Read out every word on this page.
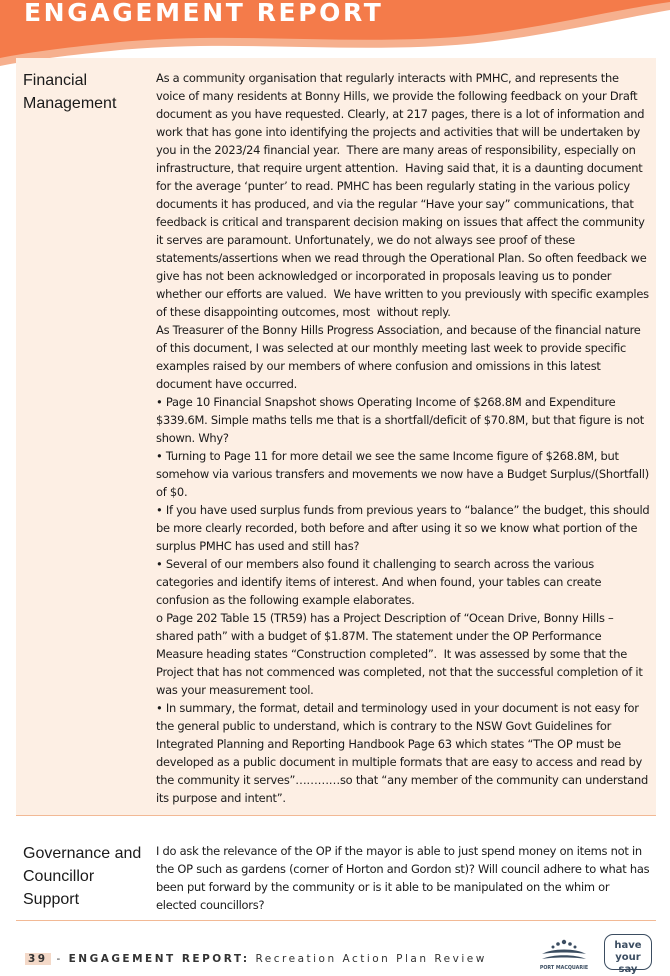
ENGAGEMENT REPORT
Financial Management

As a community organisation that regularly interacts with PMHC, and represents the voice of many residents at Bonny Hills, we provide the following feedback on your Draft document as you have requested. Clearly, at 217 pages, there is a lot of information and work that has gone into identifying the projects and activities that will be undertaken by you in the 2023/24 financial year.  There are many areas of responsibility, especially on infrastructure, that require urgent attention.  Having said that, it is a daunting document for the average ‘punter’ to read. PMHC has been regularly stating in the various policy documents it has produced, and via the regular “Have your say” communications, that feedback is critical and transparent decision making on issues that affect the community it serves are paramount. Unfortunately, we do not always see proof of these statements/assertions when we read through the Operational Plan. So often feedback we give has not been acknowledged or incorporated in proposals leaving us to ponder whether our efforts are valued.  We have written to you previously with specific examples of these disappointing outcomes, most  without reply.

As Treasurer of the Bonny Hills Progress Association, and because of the financial nature of this document, I was selected at our monthly meeting last week to provide specific examples raised by our members of where confusion and omissions in this latest document have occurred.

• Page 10 Financial Snapshot shows Operating Income of $268.8M and Expenditure $339.6M. Simple maths tells me that is a shortfall/deficit of $70.8M, but that figure is not shown. Why?

• Turning to Page 11 for more detail we see the same Income figure of $268.8M, but somehow via various transfers and movements we now have a Budget Surplus/(Shortfall) of $0.

• If you have used surplus funds from previous years to “balance” the budget, this should be more clearly recorded, both before and after using it so we know what portion of the surplus PMHC has used and still has?

• Several of our members also found it challenging to search across the various categories and identify items of interest. And when found, your tables can create confusion as the following example elaborates.

o Page 202 Table 15 (TR59) has a Project Description of “Ocean Drive, Bonny Hills – shared path” with a budget of $1.87M. The statement under the OP Performance Measure heading states “Construction completed”.  It was assessed by some that the Project that has not commenced was completed, not that the successful completion of it was your measurement tool.

• In summary, the format, detail and terminology used in your document is not easy for the general public to understand, which is contrary to the NSW Govt Guidelines for Integrated Planning and Reporting Handbook Page 63 which states “The OP must be developed as a public document in multiple formats that are easy to access and read by the community it serves”…………so that “any member of the community can understand its purpose and intent”.

Governance and Councillor Support

I do ask the relevance of the OP if the mayor is able to just spend money on items not in the OP such as gardens (corner of Horton and Gordon st)? Will council adhere to what has been put forward by the community or is it able to be manipulated on the whim or elected councillors?

39 - ENGAGEMENT REPORT: Recreation Action Plan Review
PORT MACQUARIE
have
your say
